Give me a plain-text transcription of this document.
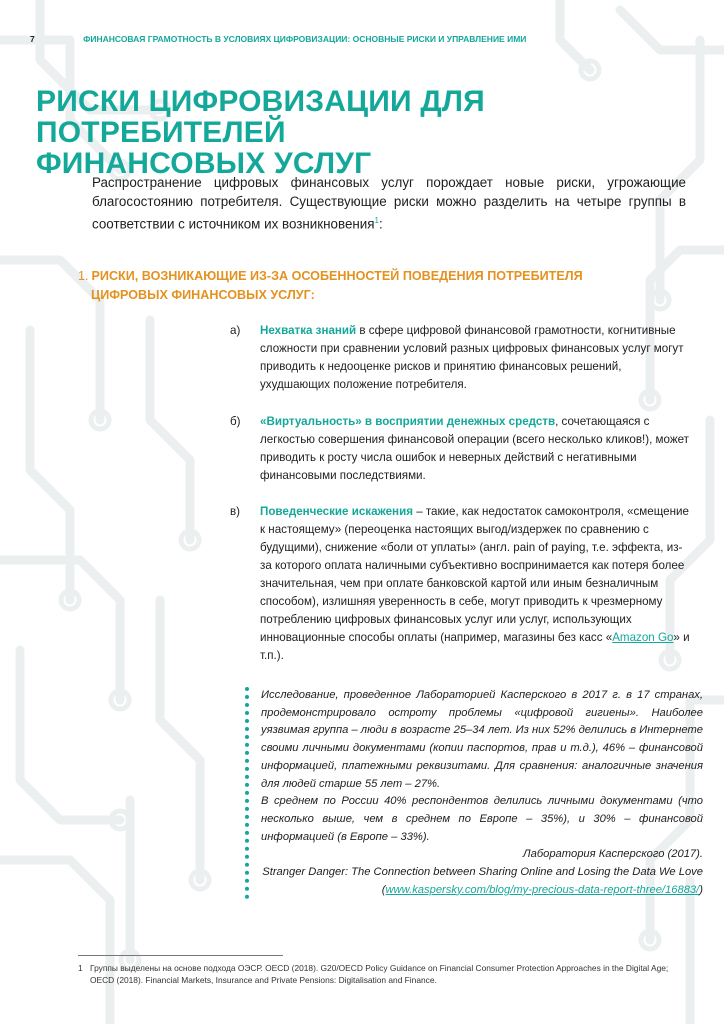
7	ФИНАНСОВАЯ ГРАМОТНОСТЬ В УСЛОВИЯХ ЦИФРОВИЗАЦИИ: ОСНОВНЫЕ РИСКИ И УПРАВЛЕНИЕ ИМИ
РИСКИ ЦИФРОВИЗАЦИИ ДЛЯ ПОТРЕБИТЕЛЕЙ
ФИНАНСОВЫХ УСЛУГ

Распространение цифровых финансовых услуг порождает новые риски, угрожающие благосостоянию потребителя. Существующие риски можно разделить на четыре группы в соответствии с источником их возникновения$^1$:

1. РИСКИ, ВОЗНИКАЮЩИЕ ИЗ-ЗА ОСОБЕННОСТЕЙ ПОВЕДЕНИЯ ПОТРЕБИТЕЛЯ
ЦИФРОВЫХ ФИНАНСОВЫХ УСЛУГ:
а) Нехватка знаний в сфере цифровой финансовой грамотности, когнитивные сложности при сравнении условий разных цифровых финансовых услуг могут приводить к недооценке рисков и принятию финансовых решений, ухудшающих положение потребителя.
б) «Виртуальность» в восприятии денежных средств, сочетающаяся с легкостью совершения финансовой операции (всего несколько кликов!), может приводить к росту числа ошибок и неверных действий с негативными финансовыми последствиями.
в) Поведенческие искажения – такие, как недостаток самоконтроля, «смещение к настоящему» (переоценка настоящих выгод/издержек по сравнению с будущими), снижение «боли от уплаты» (англ. pain of paying, т.е. эффекта, из-за которого оплата наличными субъективно воспринимается как потеря более значительная, чем при оплате банковской картой или иным безналичным способом), излишняя уверенность в себе, могут приводить к чрезмерному потреблению цифровых финансовых услуг или услуг, использующих инновационные способы оплаты (например, магазины без касс «Amazon Go» и т.п.).

Исследование, проведенное Лабораторией Касперского в 2017 г. в 17 странах, продемонстрировало остроту проблемы «цифровой гигиены». Наиболее уязвимая группа – люди в возрасте 25–34 лет. Из них 52% делились в Интернете своими личными документами (копии паспортов, прав и т.д.), 46% – финансовой информацией, платежными реквизитами. Для сравнения: аналогичные значения для людей старше 55 лет – 27%.

В среднем по России 40% респондентов делились личными документами (что несколько выше, чем в среднем по Европе – 35%), и 30% – финансовой информацией (в Европе – 33%).

Лаборатория Касперского (2017).

Stranger Danger: The Connection between Sharing Online and Losing the Data We Love

(www.kaspersky.com/blog/my-precious-data-report-three/16883/)

1 Группы выделены на основе подхода ОЭСР. OECD (2018). G20/OECD Policy Guidance on Financial Consumer Protection Approaches in the Digital Age; OECD (2018). Financial Markets, Insurance and Private Pensions: Digitalisation and Finance.
